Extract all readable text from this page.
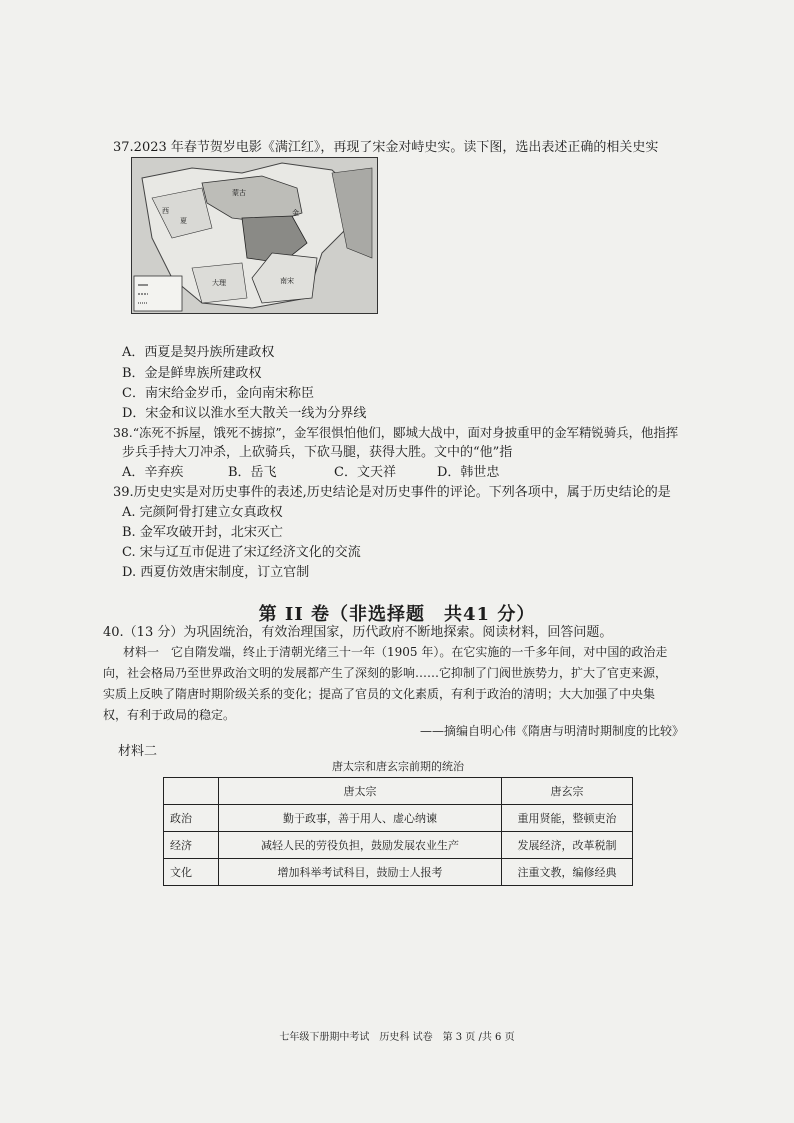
37.2023 年春节贺岁电影《满江红》，再现了宋金对峙史实。读下图，选出表述正确的相关史实
西
夏
大理	南宋
金
蒙古
A．西夏是契丹族所建政权
B．金是鲜卑族所建政权
C．南宋给金岁币，金向南宋称臣
D．宋金和议以淮水至大散关一线为分界线
38.“冻死不拆屋，饿死不掳掠”，金军很惧怕他们，郾城大战中，面对身披重甲的金军精锐骑兵，他指挥
步兵手持大刀冲杀，上砍骑兵，下砍马腿，获得大胜。文中的“他”指
A．辛弃疾	B．岳飞	C．文天祥	D．韩世忠
39.历史史实是对历史事件的表述,历史结论是对历史事件的评论。下列各项中，属于历史结论的是
A. 完颜阿骨打建立女真政权
B. 金军攻破开封，北宋灭亡
C. 宋与辽互市促进了宋辽经济文化的交流
D. 西夏仿效唐宋制度，订立官制
第 II 卷（非选择题　共41 分）
40.（13 分）为巩固统治，有效治理国家，历代政府不断地探索。阅读材料，回答问题。
材料一　它自隋发端，终止于清朝光绪三十一年（1905 年）。在它实施的一千多年间，对中国的政治走
向，社会格局乃至世界政治文明的发展都产生了深刻的影响……它抑制了门阀世族势力，扩大了官吏来源，
实质上反映了隋唐时期阶级关系的变化；提高了官员的文化素质，有利于政治的清明；大大加强了中央集
权，有利于政局的稳定。
——摘编自明心伟《隋唐与明清时期制度的比较》
材料二
唐太宗和唐玄宗前期的统治
	唐太宗	唐玄宗
政治	勤于政事，善于用人、虚心纳谏	重用贤能，整顿吏治
经济	减轻人民的劳役负担，鼓励发展农业生产	发展经济，改革税制
文化	增加科举考试科目，鼓励士人报考	注重文教，编修经典
七年级下册期中考试　历史科 试卷　第 3 页 /共 6 页
